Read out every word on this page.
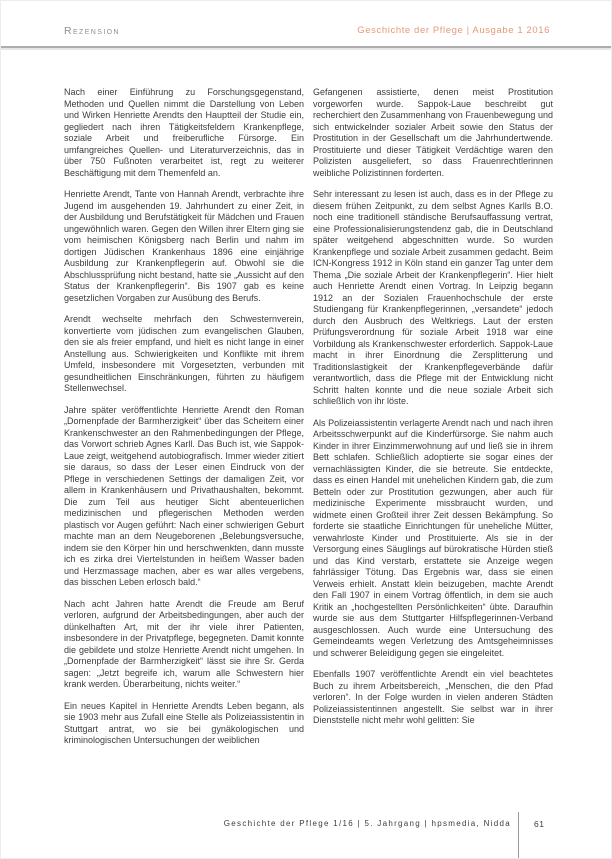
Rezension	Geschichte der Pflege | Ausgabe 1 2016

Nach einer Einführung zu Forschungsgegenstand, Methoden und Quellen nimmt die Darstellung von Leben und Wirken Henriette Arendts den Hauptteil der Studie ein, gegliedert nach ihren Tätigkeitsfeldern Krankenpflege, soziale Arbeit und freiberufliche Fürsorge. Ein umfangreiches Quellen- und Literaturverzeichnis, das in über 750 Fußnoten verarbeitet ist, regt zu weiterer Beschäftigung mit dem Themenfeld an.

Henriette Arendt, Tante von Hannah Arendt, verbrachte ihre Jugend im ausgehenden 19. Jahrhundert zu einer Zeit, in der Ausbildung und Berufstätigkeit für Mädchen und Frauen ungewöhnlich waren. Gegen den Willen ihrer Eltern ging sie vom heimischen Königsberg nach Berlin und nahm im dortigen Jüdischen Krankenhaus 1896 eine einjährige Ausbildung zur Krankenpflegerin auf. Obwohl sie die Abschlussprüfung nicht bestand, hatte sie „Aussicht auf den Status der Krankenpflegerin“. Bis 1907 gab es keine gesetzlichen Vorgaben zur Ausübung des Berufs.

Arendt wechselte mehrfach den Schwesternverein, konvertierte vom jüdischen zum evangelischen Glauben, den sie als freier empfand, und hielt es nicht lange in einer Anstellung aus. Schwierigkeiten und Konflikte mit ihrem Umfeld, insbesondere mit Vorgesetzten, verbunden mit gesundheitlichen Einschränkungen, führten zu häufigem Stellenwechsel.

Jahre später veröffentlichte Henriette Arendt den Roman „Dornenpfade der Barmherzigkeit“ über das Scheitern einer Krankenschwester an den Rahmenbedingungen der Pflege, das Vorwort schrieb Agnes Karll. Das Buch ist, wie Sappok-Laue zeigt, weitgehend autobiografisch. Immer wieder zitiert sie daraus, so dass der Leser einen Eindruck von der Pflege in verschiedenen Settings der damaligen Zeit, vor allem in Krankenhäusern und Privathaushalten, bekommt. Die zum Teil aus heutiger Sicht abenteuerlichen medizinischen und pflegerischen Methoden werden plastisch vor Augen geführt: Nach einer schwierigen Geburt machte man an dem Neugeborenen „Belebungsversuche, indem sie den Körper hin und herschwenkten, dann musste ich es zirka drei Viertelstunden in heißem Wasser baden und Herzmassage machen, aber es war alles vergebens, das bisschen Leben erlosch bald.“

Nach acht Jahren hatte Arendt die Freude am Beruf verloren, aufgrund der Arbeitsbedingungen, aber auch der dünkelhaften Art, mit der ihr viele ihrer Patienten, insbesondere in der Privatpflege, begegneten. Damit konnte die gebildete und stolze Henriette Arendt nicht umgehen. In „Dornenpfade der Barmherzigkeit“ lässt sie ihre Sr. Gerda sagen: „Jetzt begreife ich, warum alle Schwestern hier krank werden. Überarbeitung, nichts weiter.“

Ein neues Kapitel in Henriette Arendts Leben begann, als sie 1903 mehr aus Zufall eine Stelle als Polizeiassistentin in Stuttgart antrat, wo sie bei gynäkologischen und kriminologischen Untersuchungen der weiblichen

Gefangenen assistierte, denen meist Prostitution vorgeworfen wurde. Sappok-Laue beschreibt gut recherchiert den Zusammenhang von Frauenbewegung und sich entwickelnder sozialer Arbeit sowie den Status der Prostitution in der Gesellschaft um die Jahrhundertwende. Prostituierte und dieser Tätigkeit Verdächtige waren den Polizisten ausgeliefert, so dass Frauenrechtlerinnen weibliche Polizistinnen forderten.

Sehr interessant zu lesen ist auch, dass es in der Pflege zu diesem frühen Zeitpunkt, zu dem selbst Agnes Karlls B.O. noch eine traditionell ständische Berufsauffassung vertrat, eine Professionalisierungstendenz gab, die in Deutschland später weitgehend abgeschnitten wurde. So wurden Krankenpflege und soziale Arbeit zusammen gedacht. Beim ICN-Kongress 1912 in Köln stand ein ganzer Tag unter dem Thema „Die soziale Arbeit der Krankenpflegerin“. Hier hielt auch Henriette Arendt einen Vortrag. In Leipzig begann 1912 an der Sozialen Frauenhochschule der erste Studiengang für Krankenpflegerinnen, „versandete“ jedoch durch den Ausbruch des Weltkriegs. Laut der ersten Prüfungsverordnung für soziale Arbeit 1918 war eine Vorbildung als Krankenschwester erforderlich. Sappok-Laue macht in ihrer Einordnung die Zersplitterung und Traditionslastigkeit der Krankenpflegeverbände dafür verantwortlich, dass die Pflege mit der Entwicklung nicht Schritt halten konnte und die neue soziale Arbeit sich schließlich von ihr löste.

Als Polizeiassistentin verlagerte Arendt nach und nach ihren Arbeitsschwerpunkt auf die Kinderfürsorge. Sie nahm auch Kinder in ihrer Einzimmerwohnung auf und ließ sie in ihrem Bett schlafen. Schließlich adoptierte sie sogar eines der vernachlässigten Kinder, die sie betreute. Sie entdeckte, dass es einen Handel mit unehelichen Kindern gab, die zum Betteln oder zur Prostitution gezwungen, aber auch für medizinische Experimente missbraucht wurden, und widmete einen Großteil ihrer Zeit dessen Bekämpfung. So forderte sie staatliche Einrichtungen für uneheliche Mütter, verwahrloste Kinder und Prostituierte. Als sie in der Versorgung eines Säuglings auf bürokratische Hürden stieß und das Kind verstarb, erstattete sie Anzeige wegen fahrlässiger Tötung. Das Ergebnis war, dass sie einen Verweis erhielt. Anstatt klein beizugeben, machte Arendt den Fall 1907 in einem Vortrag öffentlich, in dem sie auch Kritik an „hochgestellten Persönlichkeiten“ übte. Daraufhin wurde sie aus dem Stuttgarter Hilfspflegerinnen-Verband ausgeschlossen. Auch wurde eine Untersuchung des Gemeindeamts wegen Verletzung des Amtsgeheimnisses und schwerer Beleidigung gegen sie eingeleitet.

Ebenfalls 1907 veröffentlichte Arendt ein viel beachtetes Buch zu ihrem Arbeitsbereich, „Menschen, die den Pfad verloren“. In der Folge wurden in vielen anderen Städten Polizeiassistentinnen angestellt. Sie selbst war in ihrer Dienststelle nicht mehr wohl gelitten: Sie

Geschichte der Pflege 1/16 | 5. Jahrgang | hpsmedia, Nidda	61
